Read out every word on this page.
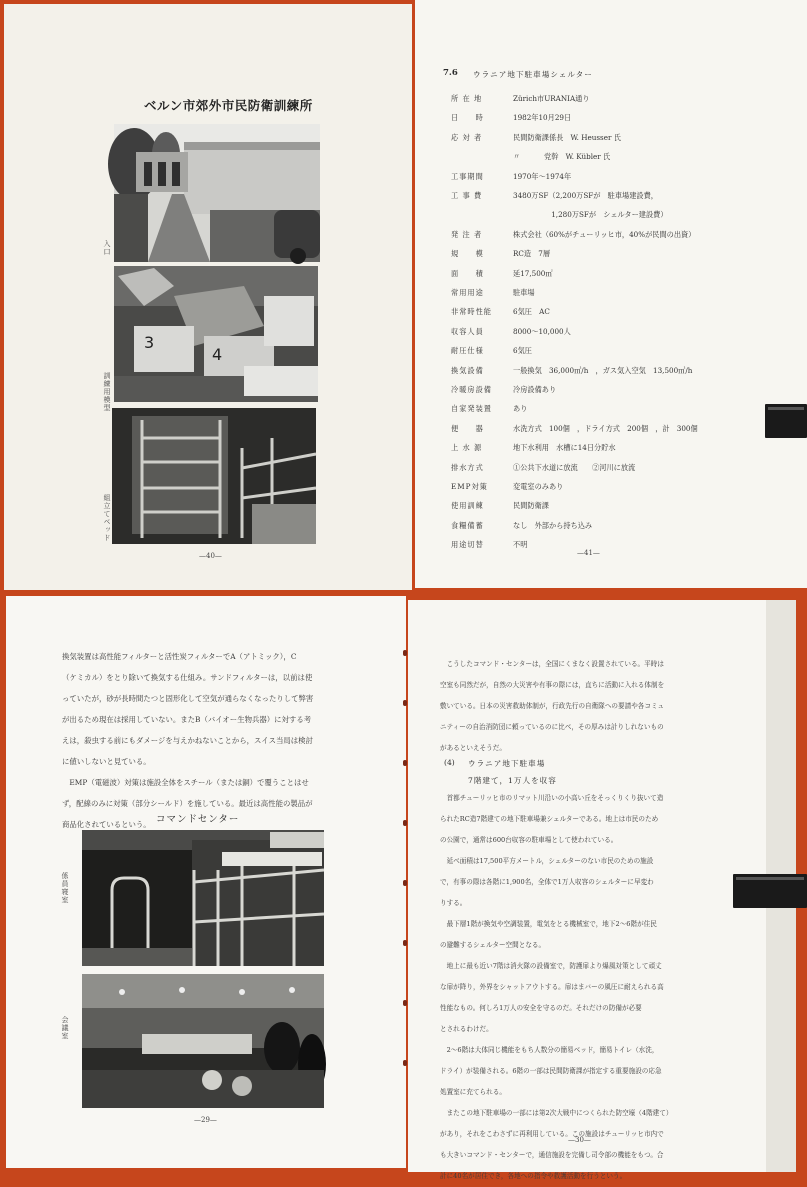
ベルン市郊外市民防衛訓練所
入口
3
4
訓練用模型
組立てベッド
—40—
7.6 ウラニア地下駐車場シェルター
所 在 地	Zürich市URANIA通り
日　　時	1982年10月29日
応 対 者	民間防衛課係長　W. Heusser 氏
〃　　　 党幹　W. Kübler 氏
工事期間	1970年〜1974年
工 事 費	3480万SF（2,200万SFが　駐車場建設費，
　　　　　 1,280万SFが　シェルター建設費）
発 注 者	株式会社（60%がチューリッヒ市，40%が民間の出資）
規　　模	RC造　7層
面　　積	延17,500㎡
常用用途	駐車場
非常時性能	6気圧　AC
収容人員	8000〜10,000人
耐圧仕様	6気圧
換気設備	一般換気　36,000㎥/h　，ガス気入空気　13,500㎥/h
冷暖房設備	冷房設備あり
自家発装置	あり
便　　器	水洗方式　100個　，ドライ方式　200個　，計　300個
上 水 源	地下水利用　水槽に14日分貯水
排水方式	①公共下水道に放流　　②河川に放流
EMP対策	変電室のみあり
使用訓練	民間防衛課
食糧備蓄	なし　外部から持ち込み
用途切替	不明
—41—

換気装置は高性能フィルターと活性炭フィルターでA（アトミック），C

（ケミカル）をとり除いて換気する仕組み。サンドフィルターは，以前は使

っていたが，砂が長時間たつと固形化して空気が通らなくなったりして弊害

が出るため現在は採用していない。またB（バイオー生物兵器）に対する考

えは，殺虫する前にもダメージを与えかねないことから，スイス当局は検討

に値いしないと見ている。

　EMP（電磁波）対策は施設全体をスチール（または銅）で覆うことはせ

ず，配線のみに対策（部分シールド）を施している。最近は高性能の製品が

商品化されているという。 コマンドセンター
係員寝室
会議室
—29—

　こうしたコマンド・センターは，全国にくまなく設置されている。平時は

空室も同然だが，自然の大災害や有事の際には，直ちに活動に入れる体制を

敷いている。日本の災害救助体制が，行政先行の自衛隊への要請や各コミュ

ニティーの自治消防団に頼っているのに比べ，その厚みは計りしれないもの

があるといえそうだ。

(4) ウラニア地下駐車場
7階建て，1万人を収容

　首都チューリッヒ市のリマット川沿いの小高い丘をそっくりくり抜いて造

られたRC造7階建ての地下駐車場兼シェルターである。地上は市民のため

の公園で，通常は600台収容の駐車場として使われている。

　延べ面積は17,500平方メートル，シェルターのない市民のための施設

で，有事の際は各階に1,900名，全体で1万人収容のシェルターに早変わ

りする。

　最下層1階が換気や空調装置，電気をとる機械室で，地下2〜6階が住民

の避難するシェルター空間となる。

　地上に最も近い7階は消火隊の設備室で，防護扉より爆風対策として頑丈

な扉が降り，外界をシャットアウトする。扉はまバーの風圧に耐えられる高

性能なもの。何しろ1万人の安全を守るのだ。それだけの防備が必要

とされるわけだ。

　2〜6階は大体同じ機能をもち人数分の簡易ベッド，簡易トイレ（水洗，

ドライ）が装備される。6階の一部は民間防衛課が指定する重要施設の応急

処置室に充てられる。

　またこの地下駐車場の一部には第2次大戦中につくられた防空壕（4階建て）

があり，それをこわさずに再利用している。この施設はチューリッヒ市内で

も大きいコマンド・センターで，通信施設を完備し司令部の機能をもつ。合

計に40名が居住でき，各地への指令や救護活動を行うという。

—30—
